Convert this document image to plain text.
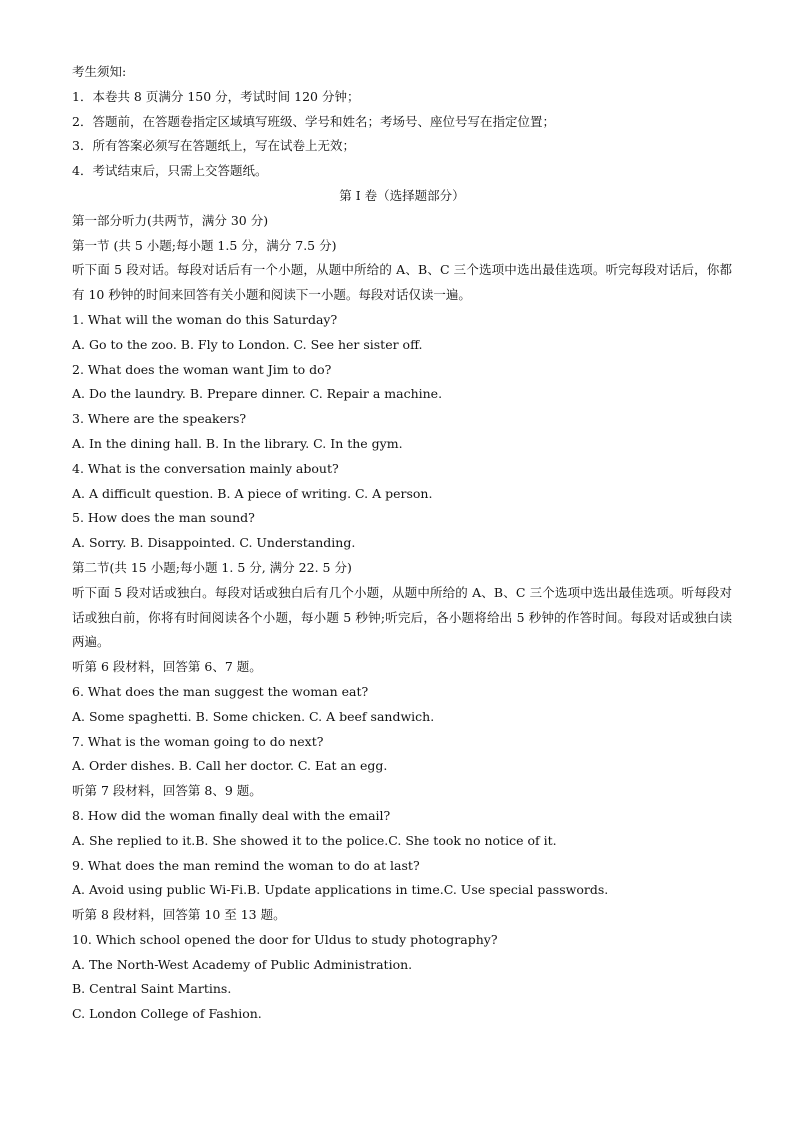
考生须知:

1．本卷共 8 页满分 150 分，考试时间 120 分钟；

2．答题前，在答题卷指定区域填写班级、学号和姓名；考场号、座位号写在指定位置；

3．所有答案必须写在答题纸上，写在试卷上无效；

4．考试结束后，只需上交答题纸。

第 I 卷（选择题部分）

第一部分听力(共两节，满分 30 分)

第一节 (共 5 小题;每小题 1.5 分，满分 7.5 分)

听下面 5 段对话。每段对话后有一个小题，从题中所给的 A、B、C 三个选项中选出最佳选项。听完每段对话后，你都有 10 秒钟的时间来回答有关小题和阅读下一小题。每段对话仅读一遍。

1. What will the woman do this Saturday?

A. Go to the zoo. B. Fly to London. C. See her sister off.

2. What does the woman want Jim to do?

A. Do the laundry. B. Prepare dinner. C. Repair a machine.

3. Where are the speakers?

A. In the dining hall. B. In the library. C. In the gym.

4. What is the conversation mainly about?

A. A difficult question. B. A piece of writing. C. A person.

5. How does the man sound?

A. Sorry. B. Disappointed. C. Understanding.

第二节(共 15 小题;每小题 1. 5 分, 满分 22. 5 分)

听下面 5 段对话或独白。每段对话或独白后有几个小题，从题中所给的 A、B、C 三个选项中选出最佳选项。听每段对话或独白前，你将有时间阅读各个小题，每小题 5 秒钟;听完后，各小题将给出 5 秒钟的作答时间。每段对话或独白读两遍。

听第 6 段材料，回答第 6、7 题。

6. What does the man suggest the woman eat?

A. Some spaghetti. B. Some chicken. C. A beef sandwich.

7. What is the woman going to do next?

A. Order dishes. B. Call her doctor. C. Eat an egg.

听第 7 段材料，回答第 8、9 题。

8. How did the woman finally deal with the email?

A. She replied to it.B. She showed it to the police.C. She took no notice of it.

9. What does the man remind the woman to do at last?

A. Avoid using public Wi-Fi.B. Update applications in time.C. Use special passwords.

听第 8 段材料，回答第 10 至 13 题。

10. Which school opened the door for Uldus to study photography?

A. The North-West Academy of Public Administration.

B. Central Saint Martins.

C. London College of Fashion.
